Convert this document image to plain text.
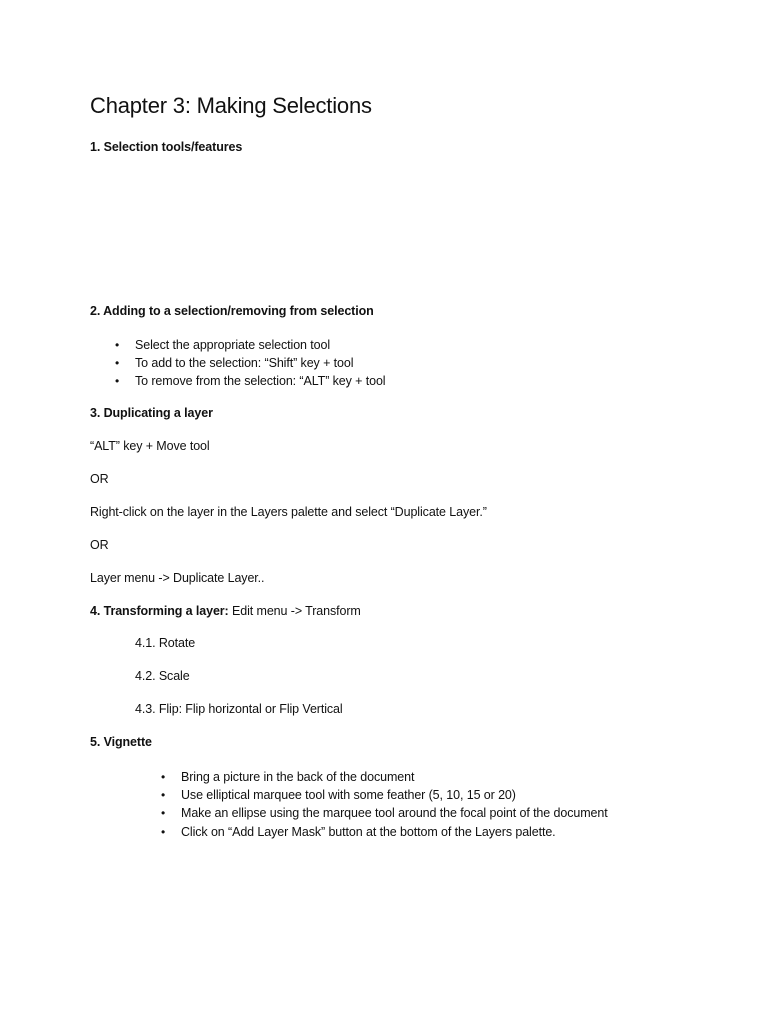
Chapter 3: Making Selections
1. Selection tools/features
2. Adding to a selection/removing from selection
• Select the appropriate selection tool
• To add to the selection: “Shift” key + tool
• To remove from the selection: “ALT” key + tool
3. Duplicating a layer
“ALT” key + Move tool
OR
Right-click on the layer in the Layers palette and select “Duplicate Layer.”
OR
Layer menu -> Duplicate Layer..
4. Transforming a layer: Edit menu -> Transform
4.1. Rotate
4.2. Scale
4.3. Flip: Flip horizontal or Flip Vertical
5. Vignette
• Bring a picture in the back of the document
• Use elliptical marquee tool with some feather (5, 10, 15 or 20)
• Make an ellipse using the marquee tool around the focal point of the document
• Click on “Add Layer Mask” button at the bottom of the Layers palette.
